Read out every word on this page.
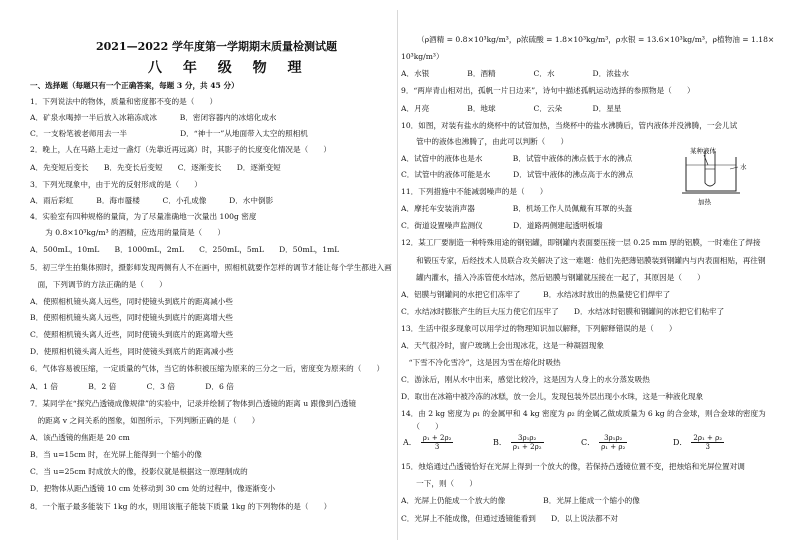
2021—2022 学年度第一学期期末质量检测试题
八 年 级 物 理
一、选择题（每题只有一个正确答案，每题 3 分，共 45 分）
1．下列说法中的物体，质量和密度都不变的是（　　）
A．矿泉水喝掉一半后放入冰箱冻成冰　　　B．密闭容器内的冰熔化成水
C．一支粉笔被老师用去一半　　　　　　　D．“神十一”从地面带入太空的照相机
2．晚上，人在马路上走过一盏灯（先靠近再远离）时，其影子的长度变化情况是（　　）
A．先变短后变长　　B．先变长后变短　　C．逐渐变长　　D．逐渐变短
3．下列光现象中，由于光的反射形成的是（　　）
A．雨后彩虹　　　B．海市蜃楼　　　C．小孔成像　　　D．水中倒影
4．实验室有四种规格的量筒，为了尽量准确地一次量出 100g 密度
　　为 0.8×10³kg/m³ 的酒精，应选用的量筒是（　　）
A．500mL，10mL　　B．1000mL，2mL　　C．250mL，5mL　　D．50mL，1mL
5．初三学生拍集体照时，摄影师发现两侧有人不在画中，照相机就要作怎样的调节才能让每个学生都进入画
　面，下列调节的方法正确的是（　　）
A．使照相机镜头离人远些，同时使镜头到底片的距离减小些
B．使照相机镜头离人远些，同时使镜头到底片的距离增大些
C．使照相机镜头离人近些，同时使镜头到底片的距离增大些
D．使照相机镜头离人近些，同时使镜头到底片的距离减小些
6．气体容易被压缩，一定质量的气体，当它的体积被压缩为原来的三分之一后，密度变为原来的（　　）
A．1 倍　　　　B．2 倍　　　　C．3 倍　　　　D．6 倍
7．某同学在“探究凸透镜成像规律”的实验中，记录并绘制了物体到凸透镜的距离 u 跟像到凸透镜
　的距离 v 之间关系的图象，如图所示，下列判断正确的是（　　）
A．该凸透镜的焦距是 20 cm
B．当 u=15cm 时，在光屏上能得到一个缩小的像
C．当 u=25cm 时成放大的像，投影仪就是根据这一原理制成的
D．把物体从距凸透镜 10 cm 处移动到 30 cm 处的过程中，像逐渐变小
8．一个瓶子最多能装下 1kg 的水，则用该瓶子能装下质量 1kg 的下列物体的是（　　）
（ρ酒精 = 0.8×10³kg/m³，ρ浓硫酸 = 1.8×10³kg/m³，ρ水银 = 13.6×10³kg/m³，ρ植物油 = 1.18×
10³kg/m³）
A．水银　　　　　B．酒精　　　　　C．水　　　　　D．浓盐水
9．“两岸青山相对出，孤帆一片日边来”，诗句中描述孤帆运动选择的参照物是（　　）
A．月亮　　　　　B．地球　　　　　C．云朵　　　　D．星星
10．如图，对装有盐水的烧杯中的试管加热，当烧杯中的盐水沸腾后，管内液体并没沸腾，一会儿试
　　管中的液体也沸腾了，由此可以判断（　　）
A．试管中的液体也是水　　　　B．试管中液体的沸点低于水的沸点
C．试管中的液体可能是水　　　D．试管中液体的沸点高于水的沸点
11．下列措施中不能减弱噪声的是（　　）
A．摩托车安装消声器　　　　　B．机场工作人员佩戴有耳罩的头盔
C．街道设置噪声监测仪　　　　D．道路两侧建起透明板墙
12．某工厂要制造一种特殊用途的钢铝罐，即钢罐内表面要压接一层 0.25 mm 厚的铝膜，一时难住了焊接
　　和锻压专家，后经技术人员联合攻关解决了这一难题：他们先把薄铝膜装到钢罐内与内表面相贴，再往钢
　　罐内灌水，插入冷冻管使水结冰，然后铝膜与钢罐就压接在一起了，其原因是（　　）
A．铝膜与钢罐间的水把它们冻牢了　　　B．水结冰时放出的热量使它们焊牢了
C．水结冰时膨胀产生的巨大压力使它们压牢了　　D．水结冰时铝膜和钢罐间的冰把它们粘牢了
13．生活中很多现象可以用学过的物理知识加以解释，下列解释错误的是（　　）
A．天气很冷时，窗户玻璃上会出现冰花，这是一种凝固现象
　“下雪不冷化雪冷”，这是因为雪在熔化时吸热
C．游泳后，刚从水中出来，感觉比较冷，这是因为人身上的水分蒸发吸热
D．取出在冰箱中被冷冻的冰糕，放一会儿，发现包装外层出现小水珠，这是一种液化现象
14．由 2 kg 密度为 ρ₁ 的金属甲和 4 kg 密度为 ρ₂ 的金属乙做成质量为 6 kg 的合金球，则合金球的密度为
　　（　　）
A． $\frac{\text{ρ₁ + 2ρ₂}}{3}$	B． $\frac{\text{3ρ₁ρ₂}}{\text{ρ₁ + 2ρ₂}}$	C． $\frac{\text{3ρ₁ρ₂}}{\text{ρ₁ + ρ₂}}$	D． $\frac{\text{2ρ₁ + ρ₂}}{3}$
15．烛焰通过凸透镜恰好在光屏上得到一个放大的像，若保持凸透镜位置不变，把烛焰和光屏位置对调
　　一下，则（　　）
A．光屏上仍能成一个放大的像　　　　　B．光屏上能成一个缩小的像
C．光屏上不能成像，但通过透镜能看到　　D．以上说法都不对
某种液体
水
加热
